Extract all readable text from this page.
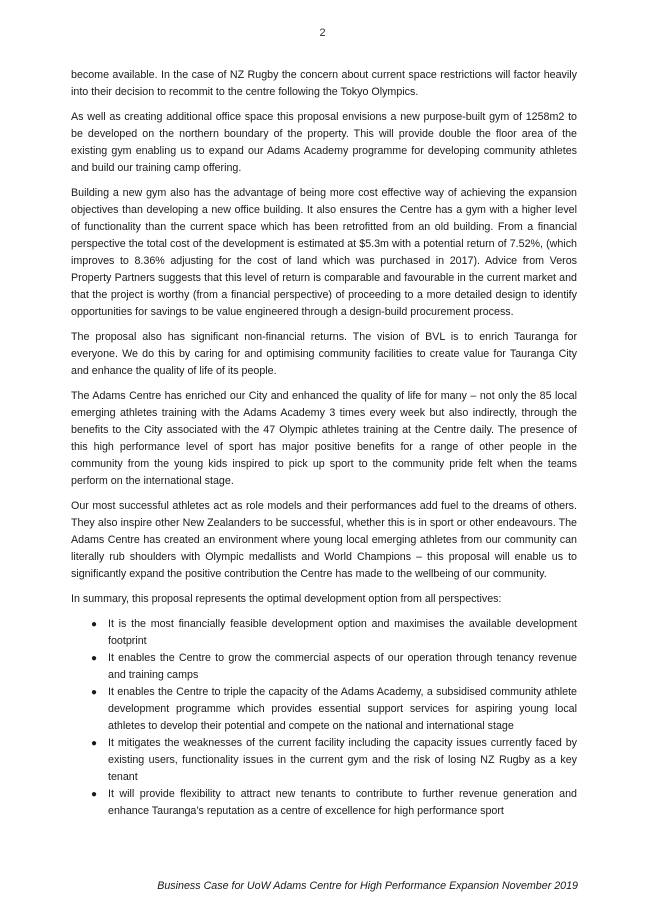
2

become available. In the case of NZ Rugby the concern about current space restrictions will factor heavily into their decision to recommit to the centre following the Tokyo Olympics.

As well as creating additional office space this proposal envisions a new purpose-built gym of 1258m2 to be developed on the northern boundary of the property. This will provide double the floor area of the existing gym enabling us to expand our Adams Academy programme for developing community athletes and build our training camp offering.

Building a new gym also has the advantage of being more cost effective way of achieving the expansion objectives than developing a new office building. It also ensures the Centre has a gym with a higher level of functionality than the current space which has been retrofitted from an old building. From a financial perspective the total cost of the development is estimated at $5.3m with a potential return of 7.52%, (which improves to 8.36% adjusting for the cost of land which was purchased in 2017). Advice from Veros Property Partners suggests that this level of return is comparable and favourable in the current market and that the project is worthy (from a financial perspective) of proceeding to a more detailed design to identify opportunities for savings to be value engineered through a design-build procurement process.

The proposal also has significant non-financial returns. The vision of BVL is to enrich Tauranga for everyone. We do this by caring for and optimising community facilities to create value for Tauranga City and enhance the quality of life of its people.

The Adams Centre has enriched our City and enhanced the quality of life for many – not only the 85 local emerging athletes training with the Adams Academy 3 times every week but also indirectly, through the benefits to the City associated with the 47 Olympic athletes training at the Centre daily. The presence of this high performance level of sport has major positive benefits for a range of other people in the community from the young kids inspired to pick up sport to the community pride felt when the teams perform on the international stage.

Our most successful athletes act as role models and their performances add fuel to the dreams of others. They also inspire other New Zealanders to be successful, whether this is in sport or other endeavours. The Adams Centre has created an environment where young local emerging athletes from our community can literally rub shoulders with Olympic medallists and World Champions – this proposal will enable us to significantly expand the positive contribution the Centre has made to the wellbeing of our community.

In summary, this proposal represents the optimal development option from all perspectives:

● It is the most financially feasible development option and maximises the available development footprint
● It enables the Centre to grow the commercial aspects of our operation through tenancy revenue and training camps
● It enables the Centre to triple the capacity of the Adams Academy, a subsidised community athlete development programme which provides essential support services for aspiring young local athletes to develop their potential and compete on the national and international stage
● It mitigates the weaknesses of the current facility including the capacity issues currently faced by existing users, functionality issues in the current gym and the risk of losing NZ Rugby as a key tenant
● It will provide flexibility to attract new tenants to contribute to further revenue generation and enhance Tauranga’s reputation as a centre of excellence for high performance sport
Business Case for UoW Adams Centre for High Performance Expansion November 2019
